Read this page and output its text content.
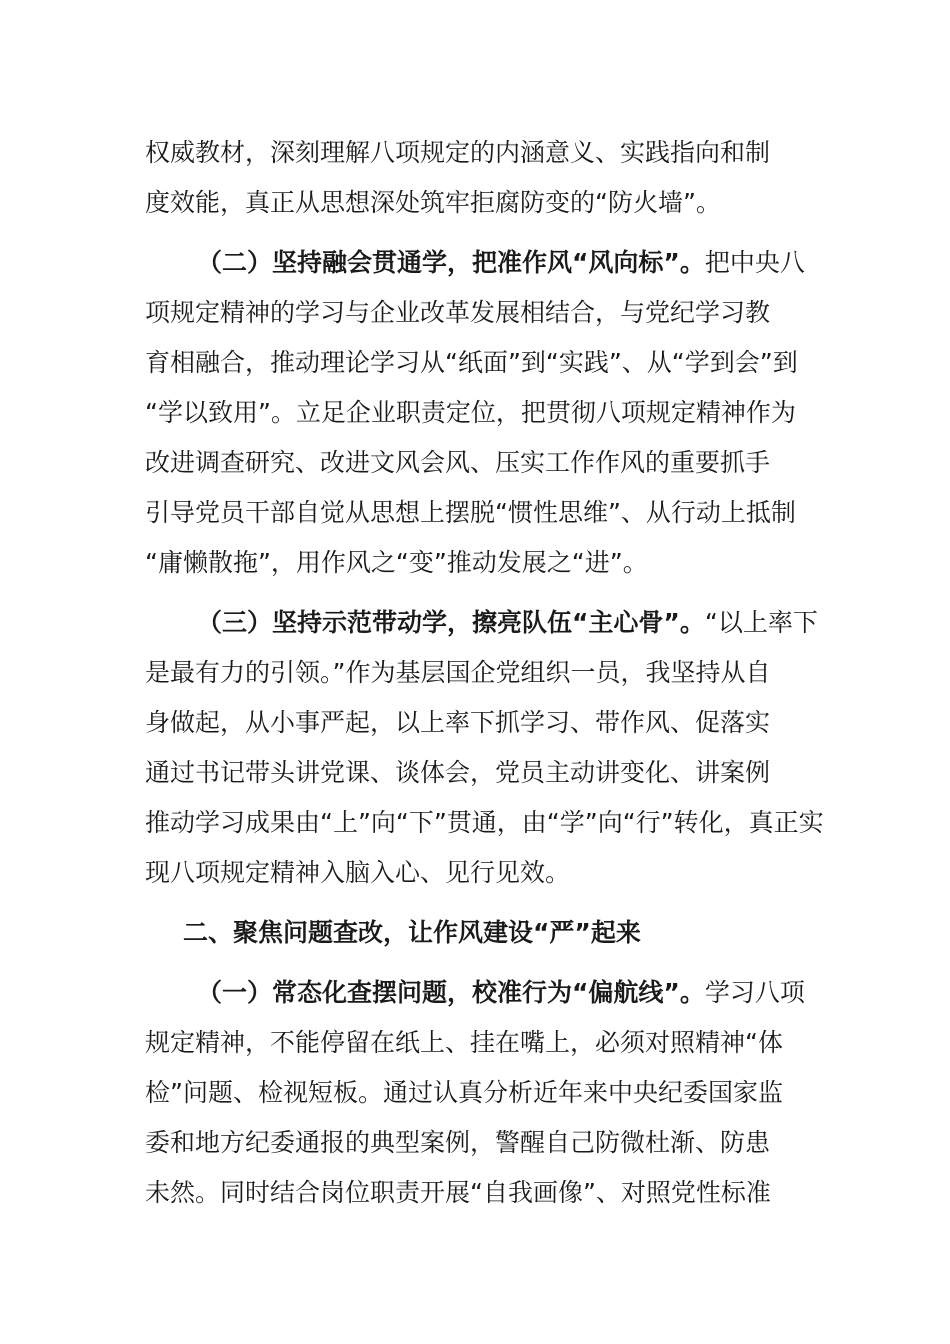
权威教材，深刻理解八项规定的内涵意义、实践指向和制
度效能，真正从思想深处筑牢拒腐防变的“防火墙”。
（二）坚持融会贯通学，把准作风“风向标”。把中央八
项规定精神的学习与企业改革发展相结合，与党纪学习教
育相融合，推动理论学习从“纸面”到“实践”、从“学到会”到
“学以致用”。立足企业职责定位，把贯彻八项规定精神作为
改进调查研究、改进文风会风、压实工作作风的重要抓手
引导党员干部自觉从思想上摆脱“惯性思维”、从行动上抵制
“庸懒散拖”，用作风之“变”推动发展之“进”。
（三）坚持示范带动学，擦亮队伍“主心骨”。“以上率下
是最有力的引领。”作为基层国企党组织一员，我坚持从自
身做起，从小事严起，以上率下抓学习、带作风、促落实
通过书记带头讲党课、谈体会，党员主动讲变化、讲案例
推动学习成果由“上”向“下”贯通，由“学”向“行”转化，真正实
现八项规定精神入脑入心、见行见效。
二、聚焦问题查改，让作风建设“严”起来
（一）常态化查摆问题，校准行为“偏航线”。学习八项
规定精神，不能停留在纸上、挂在嘴上，必须对照精神“体
检”问题、检视短板。通过认真分析近年来中央纪委国家监
委和地方纪委通报的典型案例，警醒自己防微杜渐、防患
未然。同时结合岗位职责开展“自我画像”、对照党性标准
